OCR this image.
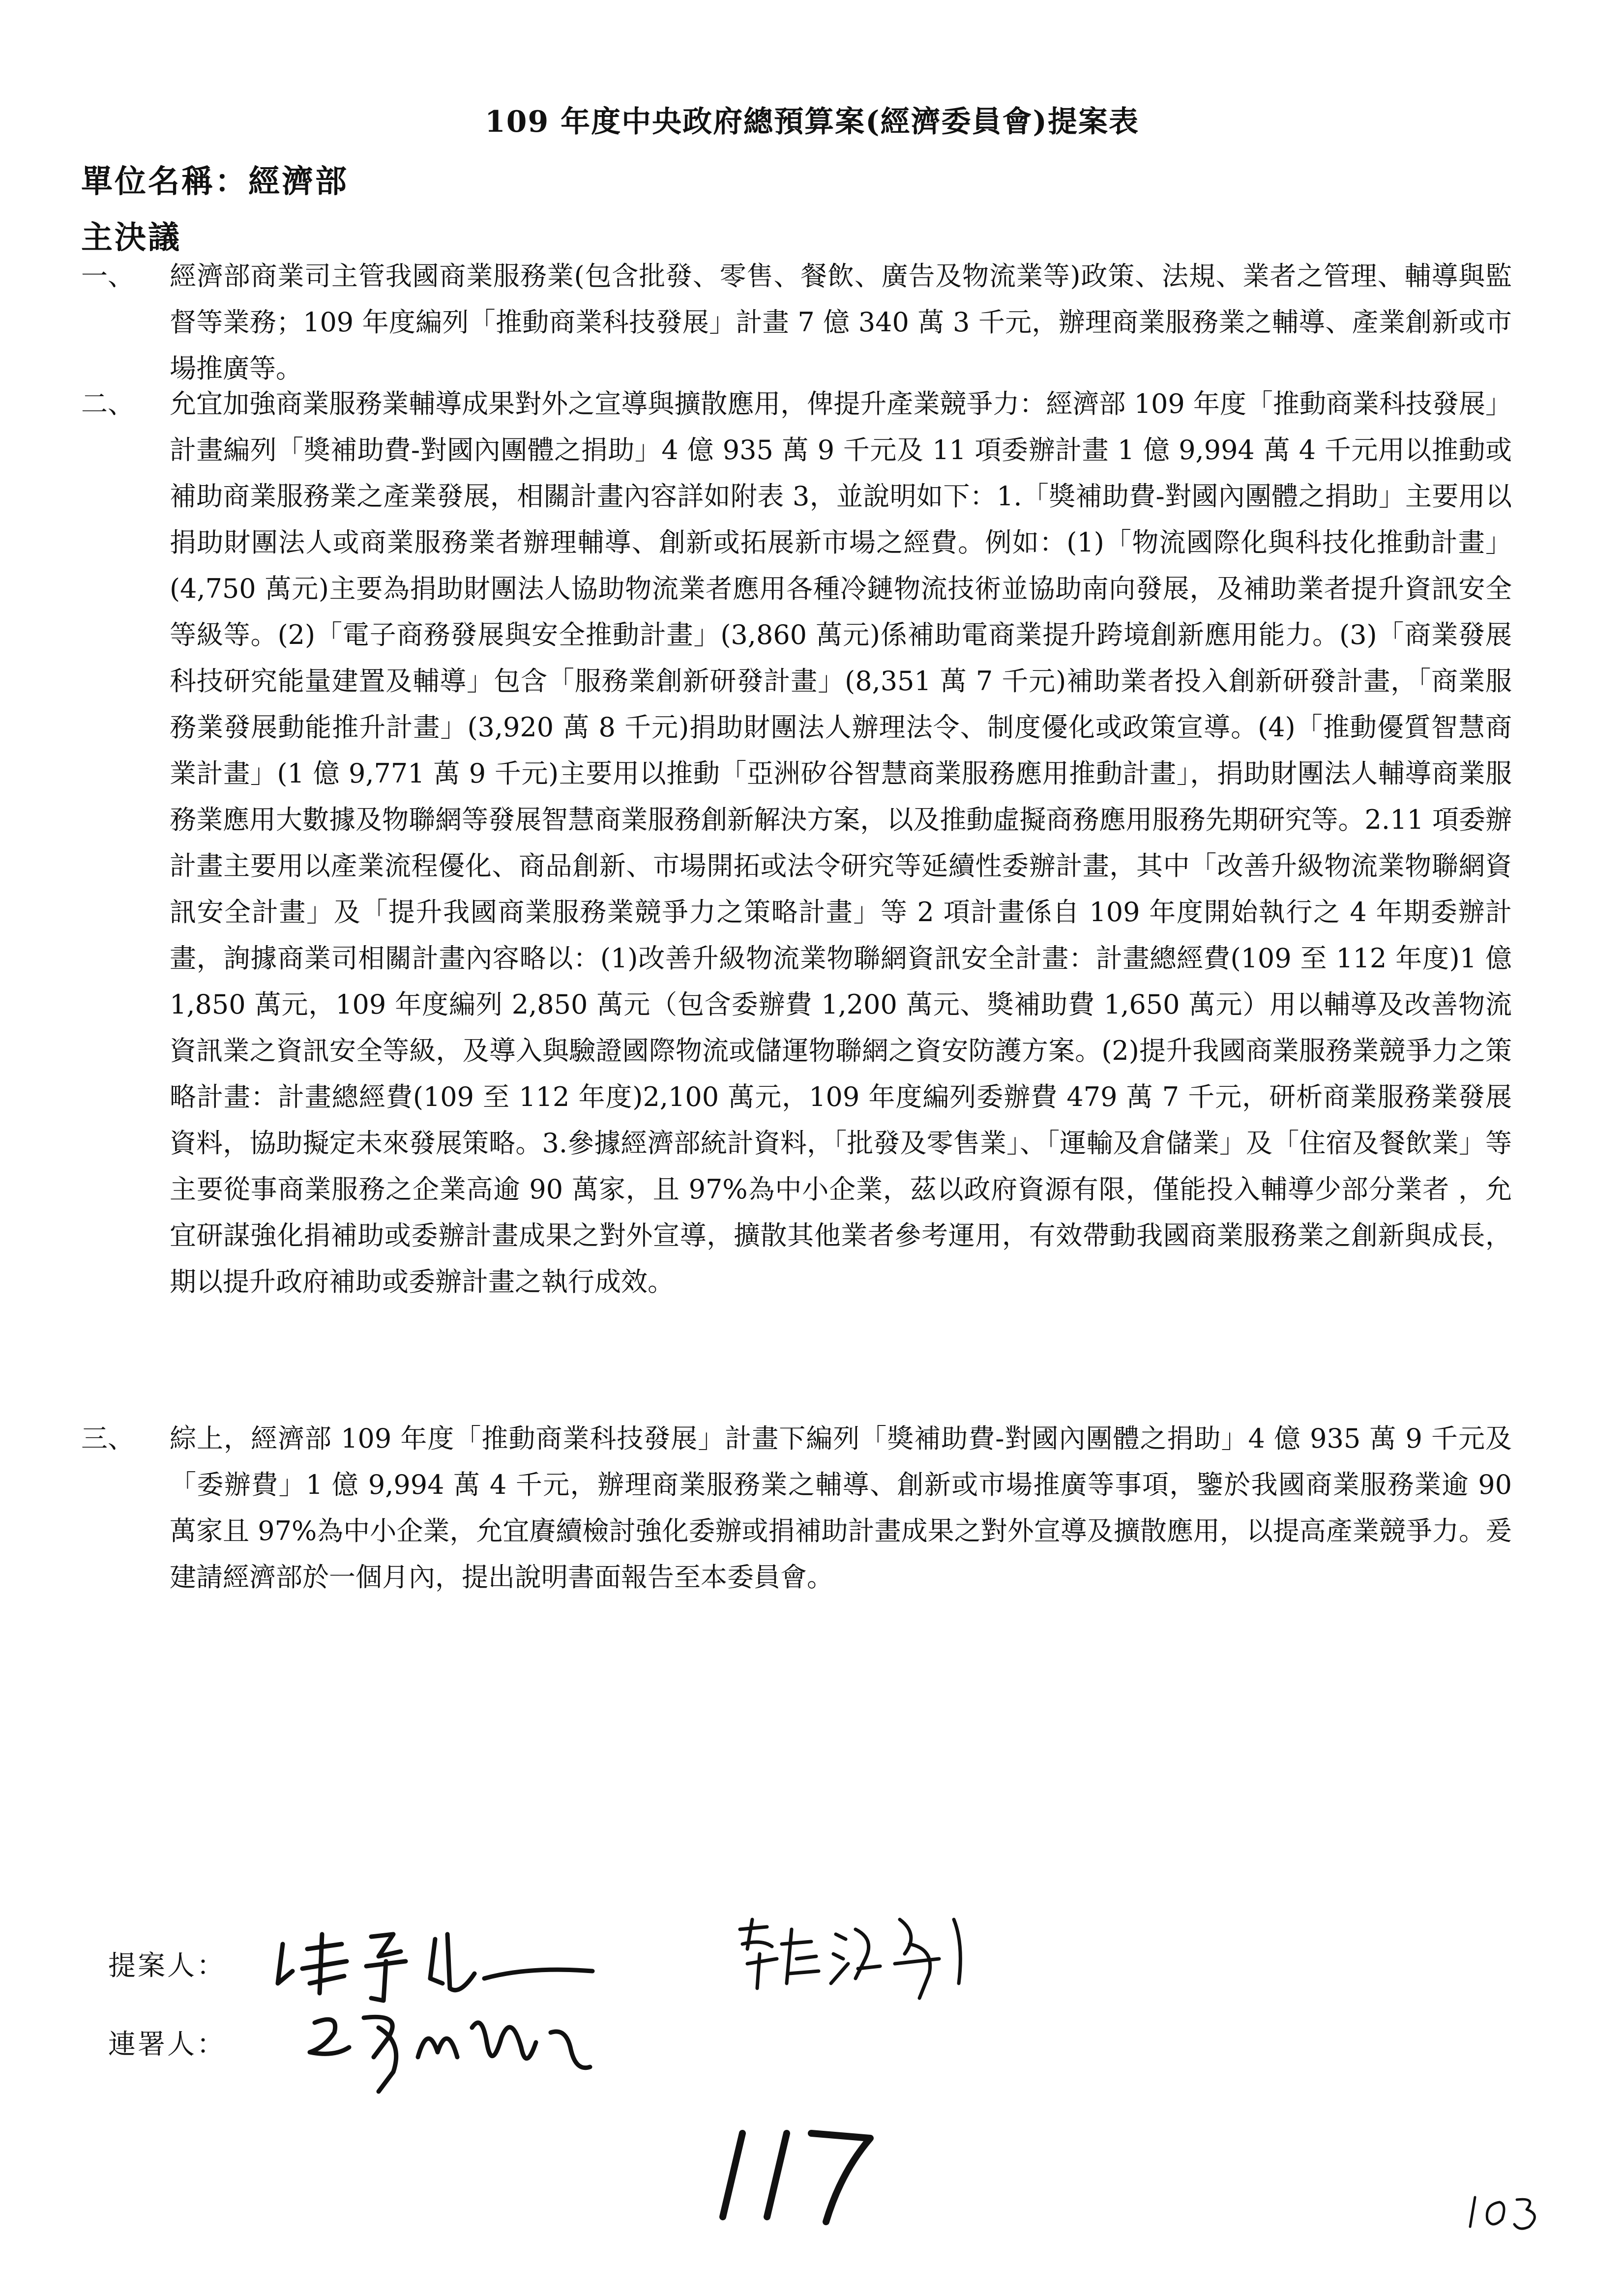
109 年度中央政府總預算案(經濟委員會)提案表
單位名稱：經濟部
主決議
一、	經濟部商業司主管我國商業服務業(包含批發、零售、餐飲、廣告及物流業等)政策、法規、業者之管理、輔導與監督等業務；109 年度編列「推動商業科技發展」計畫 7 億 340 萬 3 千元，辦理商業服務業之輔導、產業創新或市場推廣等。
二、	允宜加強商業服務業輔導成果對外之宣導與擴散應用，俾提升產業競爭力：經濟部 109 年度「推動商業科技發展」計畫編列「獎補助費-對國內團體之捐助」4 億 935 萬 9 千元及 11 項委辦計畫 1 億 9,994 萬 4 千元用以推動或補助商業服務業之產業發展，相關計畫內容詳如附表 3，並說明如下：1.「獎補助費-對國內團體之捐助」主要用以捐助財團法人或商業服務業者辦理輔導、創新或拓展新市場之經費。例如：(1)「物流國際化與科技化推動計畫」(4,750 萬元)主要為捐助財團法人協助物流業者應用各種冷鏈物流技術並協助南向發展，及補助業者提升資訊安全等級等。(2)「電子商務發展與安全推動計畫」(3,860 萬元)係補助電商業提升跨境創新應用能力。(3)「商業發展科技研究能量建置及輔導」包含「服務業創新研發計畫」(8,351 萬 7 千元)補助業者投入創新研發計畫，「商業服務業發展動能推升計畫」(3,920 萬 8 千元)捐助財團法人辦理法令、制度優化或政策宣導。(4)「推動優質智慧商業計畫」(1 億 9,771 萬 9 千元)主要用以推動「亞洲矽谷智慧商業服務應用推動計畫」，捐助財團法人輔導商業服務業應用大數據及物聯網等發展智慧商業服務創新解決方案，以及推動虛擬商務應用服務先期研究等。2.11 項委辦計畫主要用以產業流程優化、商品創新、市場開拓或法令研究等延續性委辦計畫，其中「改善升級物流業物聯網資訊安全計畫」及「提升我國商業服務業競爭力之策略計畫」等 2 項計畫係自 109 年度開始執行之 4 年期委辦計畫，詢據商業司相關計畫內容略以：(1)改善升級物流業物聯網資訊安全計畫：計畫總經費(109 至 112 年度)1 億 1,850 萬元，109 年度編列 2,850 萬元（包含委辦費 1,200 萬元、獎補助費 1,650 萬元）用以輔導及改善物流資訊業之資訊安全等級，及導入與驗證國際物流或儲運物聯網之資安防護方案。(2)提升我國商業服務業競爭力之策略計畫：計畫總經費(109 至 112 年度)2,100 萬元，109 年度編列委辦費 479 萬 7 千元，研析商業服務業發展資料，協助擬定未來發展策略。3.參據經濟部統計資料，「批發及零售業」、「運輸及倉儲業」及「住宿及餐飲業」等主要從事商業服務之企業高逾 90 萬家，且 97%為中小企業，茲以政府資源有限，僅能投入輔導少部分業者 ，允宜研謀強化捐補助或委辦計畫成果之對外宣導，擴散其他業者參考運用，有效帶動我國商業服務業之創新與成長，期以提升政府補助或委辦計畫之執行成效。
三、	綜上，經濟部 109 年度「推動商業科技發展」計畫下編列「獎補助費-對國內團體之捐助」4 億 935 萬 9 千元及「委辦費」1 億 9,994 萬 4 千元，辦理商業服務業之輔導、創新或市場推廣等事項，鑒於我國商業服務業逾 90 萬家且 97%為中小企業，允宜賡續檢討強化委辦或捐補助計畫成果之對外宣導及擴散應用，以提高產業競爭力。爰建請經濟部於一個月內，提出說明書面報告至本委員會。
提案人：
連署人：
